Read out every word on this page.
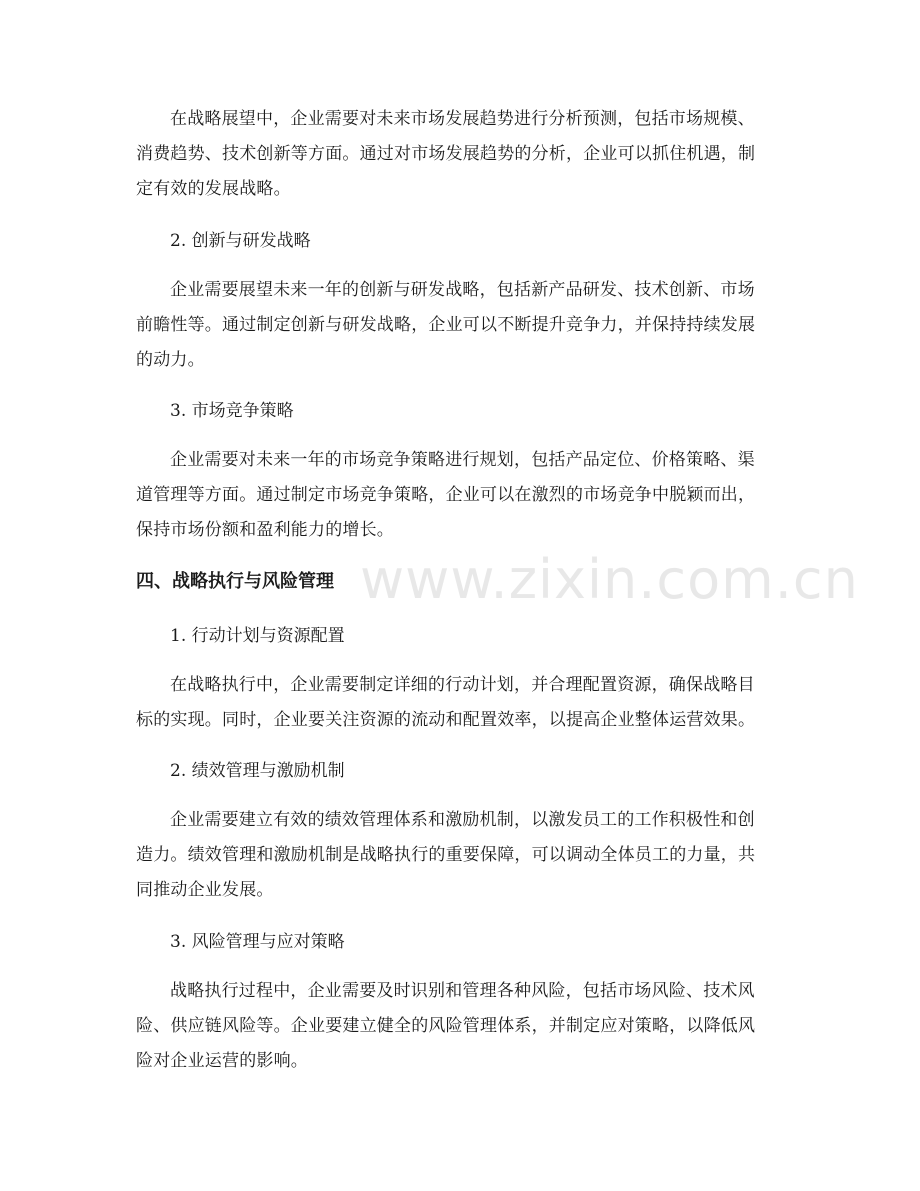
在战略展望中，企业需要对未来市场发展趋势进行分析预测，包括市场规模、
消费趋势、技术创新等方面。通过对市场发展趋势的分析，企业可以抓住机遇，制
定有效的发展战略。

2. 创新与研发战略

企业需要展望未来一年的创新与研发战略，包括新产品研发、技术创新、市场
前瞻性等。通过制定创新与研发战略，企业可以不断提升竞争力，并保持持续发展
的动力。

3. 市场竞争策略

企业需要对未来一年的市场竞争策略进行规划，包括产品定位、价格策略、渠
道管理等方面。通过制定市场竞争策略，企业可以在激烈的市场竞争中脱颖而出，
保持市场份额和盈利能力的增长。

四、战略执行与风险管理

1. 行动计划与资源配置

在战略执行中，企业需要制定详细的行动计划，并合理配置资源，确保战略目
标的实现。同时，企业要关注资源的流动和配置效率，以提高企业整体运营效果。

2. 绩效管理与激励机制

企业需要建立有效的绩效管理体系和激励机制，以激发员工的工作积极性和创
造力。绩效管理和激励机制是战略执行的重要保障，可以调动全体员工的力量，共
同推动企业发展。

3. 风险管理与应对策略

战略执行过程中，企业需要及时识别和管理各种风险，包括市场风险、技术风
险、供应链风险等。企业要建立健全的风险管理体系，并制定应对策略，以降低风
险对企业运营的影响。

www.zixin.com.cn
